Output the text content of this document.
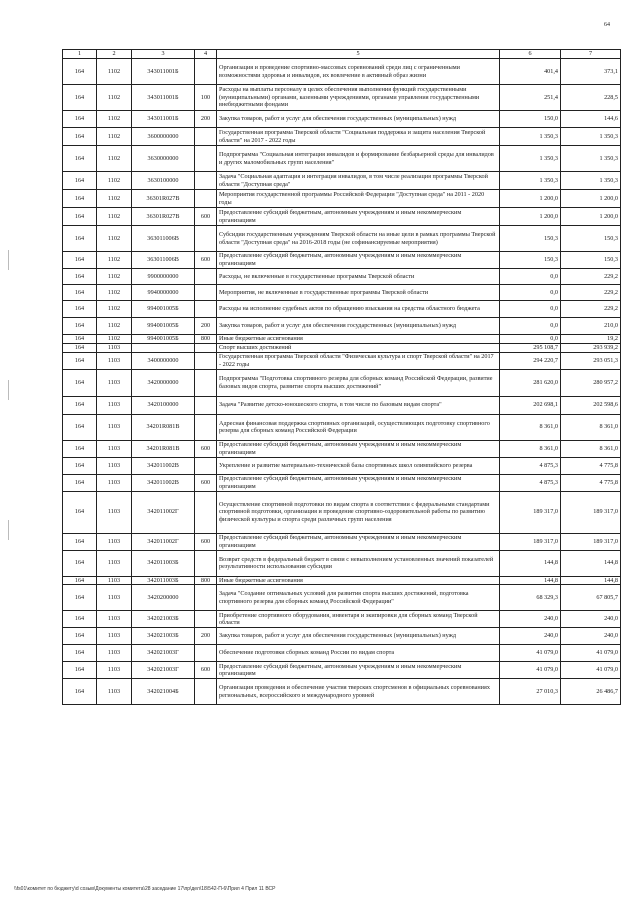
64
1	2	3	4	5	6	7
164	1102	343011001Б		Организация и проведение спортивно-массовых соревнований среди лиц с ограниченными возможностями здоровья и инвалидов, их вовлечение в активный образ жизни	401,4	373,1
164	1102	343011001Б	100	Расходы на выплаты персоналу в целях обеспечения выполнения функций государственными (муниципальными) органами, казенными учреждениями, органами управления государственными внебюджетными фондами	251,4	228,5
164	1102	343011001Б	200	Закупка товаров, работ и услуг для обеспечения государственных (муниципальных) нужд	150,0	144,6
164	1102	3600000000		Государственная программа Тверской области "Социальная поддержка и защита населения Тверской области" на 2017 - 2022 годы	1 350,3	1 350,3
164	1102	3630000000		Подпрограмма "Социальная интеграция инвалидов и формирование безбарьерной среды для инвалидов и других маломобильных групп населения"	1 350,3	1 350,3
164	1102	3630100000		Задача "Социальная адаптация и интеграция инвалидов, в том числе реализация программы Тверской области "Доступная среда"	1 350,3	1 350,3
164	1102	36301R027В		Мероприятия государственной программы Российской Федерации "Доступная среда" на 2011 - 2020 годы	1 200,0	1 200,0
164	1102	36301R027В	600	Предоставление субсидий бюджетным, автономным учреждениям и иным некоммерческим организациям	1 200,0	1 200,0
164	1102	363011006В		Субсидии государственным учреждениям Тверской области на иные цели в рамках программы Тверской области "Доступная среда" на 2016-2018 годы (не софинансируемые мероприятия)	150,3	150,3
164	1102	363011006В	600	Предоставление субсидий бюджетным, автономным учреждениям и иным некоммерческим организациям	150,3	150,3
164	1102	9900000000		Расходы, не включенные в государственные программы Тверской области	0,0	229,2
164	1102	9940000000		Мероприятия, не включенные в государственные программы Тверской области	0,0	229,2
164	1102	994001005Б		Расходы на исполнение судебных актов по обращению взыскания на средства областного бюджета	0,0	229,2
164	1102	994001005Б	200	Закупка товаров, работ и услуг для обеспечения государственных (муниципальных) нужд	0,0	210,0
164	1102	994001005Б	800	Иные бюджетные ассигнования	0,0	19,2
164	1103			Спорт высших достижений	295 108,7	293 939,2
164	1103	3400000000		Государственная программа Тверской области "Физическая культура и спорт Тверской области" на 2017 - 2022 годы	294 220,7	293 051,3
164	1103	3420000000		Подпрограмма "Подготовка спортивного резерва для сборных команд Российской Федерации, развитие базовых видов спорта, развитие спорта высших достижений"	281 620,0	280 957,2
164	1103	3420100000		Задача "Развитие детско-юношеского спорта, в том числе по базовым видам спорта"	202 698,1	202 598,6
164	1103	34201R081В		Адресная финансовая поддержка спортивных организаций, осуществляющих подготовку спортивного резерва для сборных команд Российской Федерации	8 361,0	8 361,0
164	1103	34201R081В	600	Предоставление субсидий бюджетным, автономным учреждениям и иным некоммерческим организациям	8 361,0	8 361,0
164	1103	342011002В		Укрепление и развитие материально-технической базы спортивных школ олимпийского резерва	4 875,3	4 775,8
164	1103	342011002В	600	Предоставление субсидий бюджетным, автономным учреждениям и иным некоммерческим организациям	4 875,3	4 775,8
164	1103	342011002Г		Осуществление спортивной подготовки по видам спорта в соответствии с федеральными стандартами спортивной подготовки, организация и проведение спортивно-оздоровительной работы по развитию физической культуры и спорта среди различных групп населения	189 317,0	189 317,0
164	1103	342011002Г	600	Предоставление субсидий бюджетным, автономным учреждениям и иным некоммерческим организациям	189 317,0	189 317,0
164	1103	342011003Б		Возврат средств в федеральный бюджет в связи с невыполнением установленных значений показателей результативности использования субсидии	144,8	144,8
164	1103	342011003Б	800	Иные бюджетные ассигнования	144,8	144,8
164	1103	3420200000		Задача "Создание оптимальных условий для развития спорта высших достижений, подготовка спортивного резерва для сборных команд Российской Федерации"	68 329,3	67 805,7
164	1103	342021003Б		Приобретение спортивного оборудования, инвентаря и экипировки для сборных команд Тверской области	240,0	240,0
164	1103	342021003Б	200	Закупка товаров, работ и услуг для обеспечения государственных (муниципальных) нужд	240,0	240,0
164	1103	342021003Г		Обеспечение подготовки сборных команд России по видам спорта	41 079,0	41 079,0
164	1103	342021003Г	600	Предоставление субсидий бюджетным, автономным учреждениям и иным некоммерческим организациям	41 079,0	41 079,0
164	1103	342021004Б		Организация проведения и обеспечение участия тверских спортсменов в официальных соревнованиях региональных, всероссийского и международного уровней	27 010,3	26 486,7
\\fs01\комитет по бюджету\d созыв\Документы комитета\28 заседание 17\пр\дел\18\542-П-6\Прил 4 Прил 11 ВСР
